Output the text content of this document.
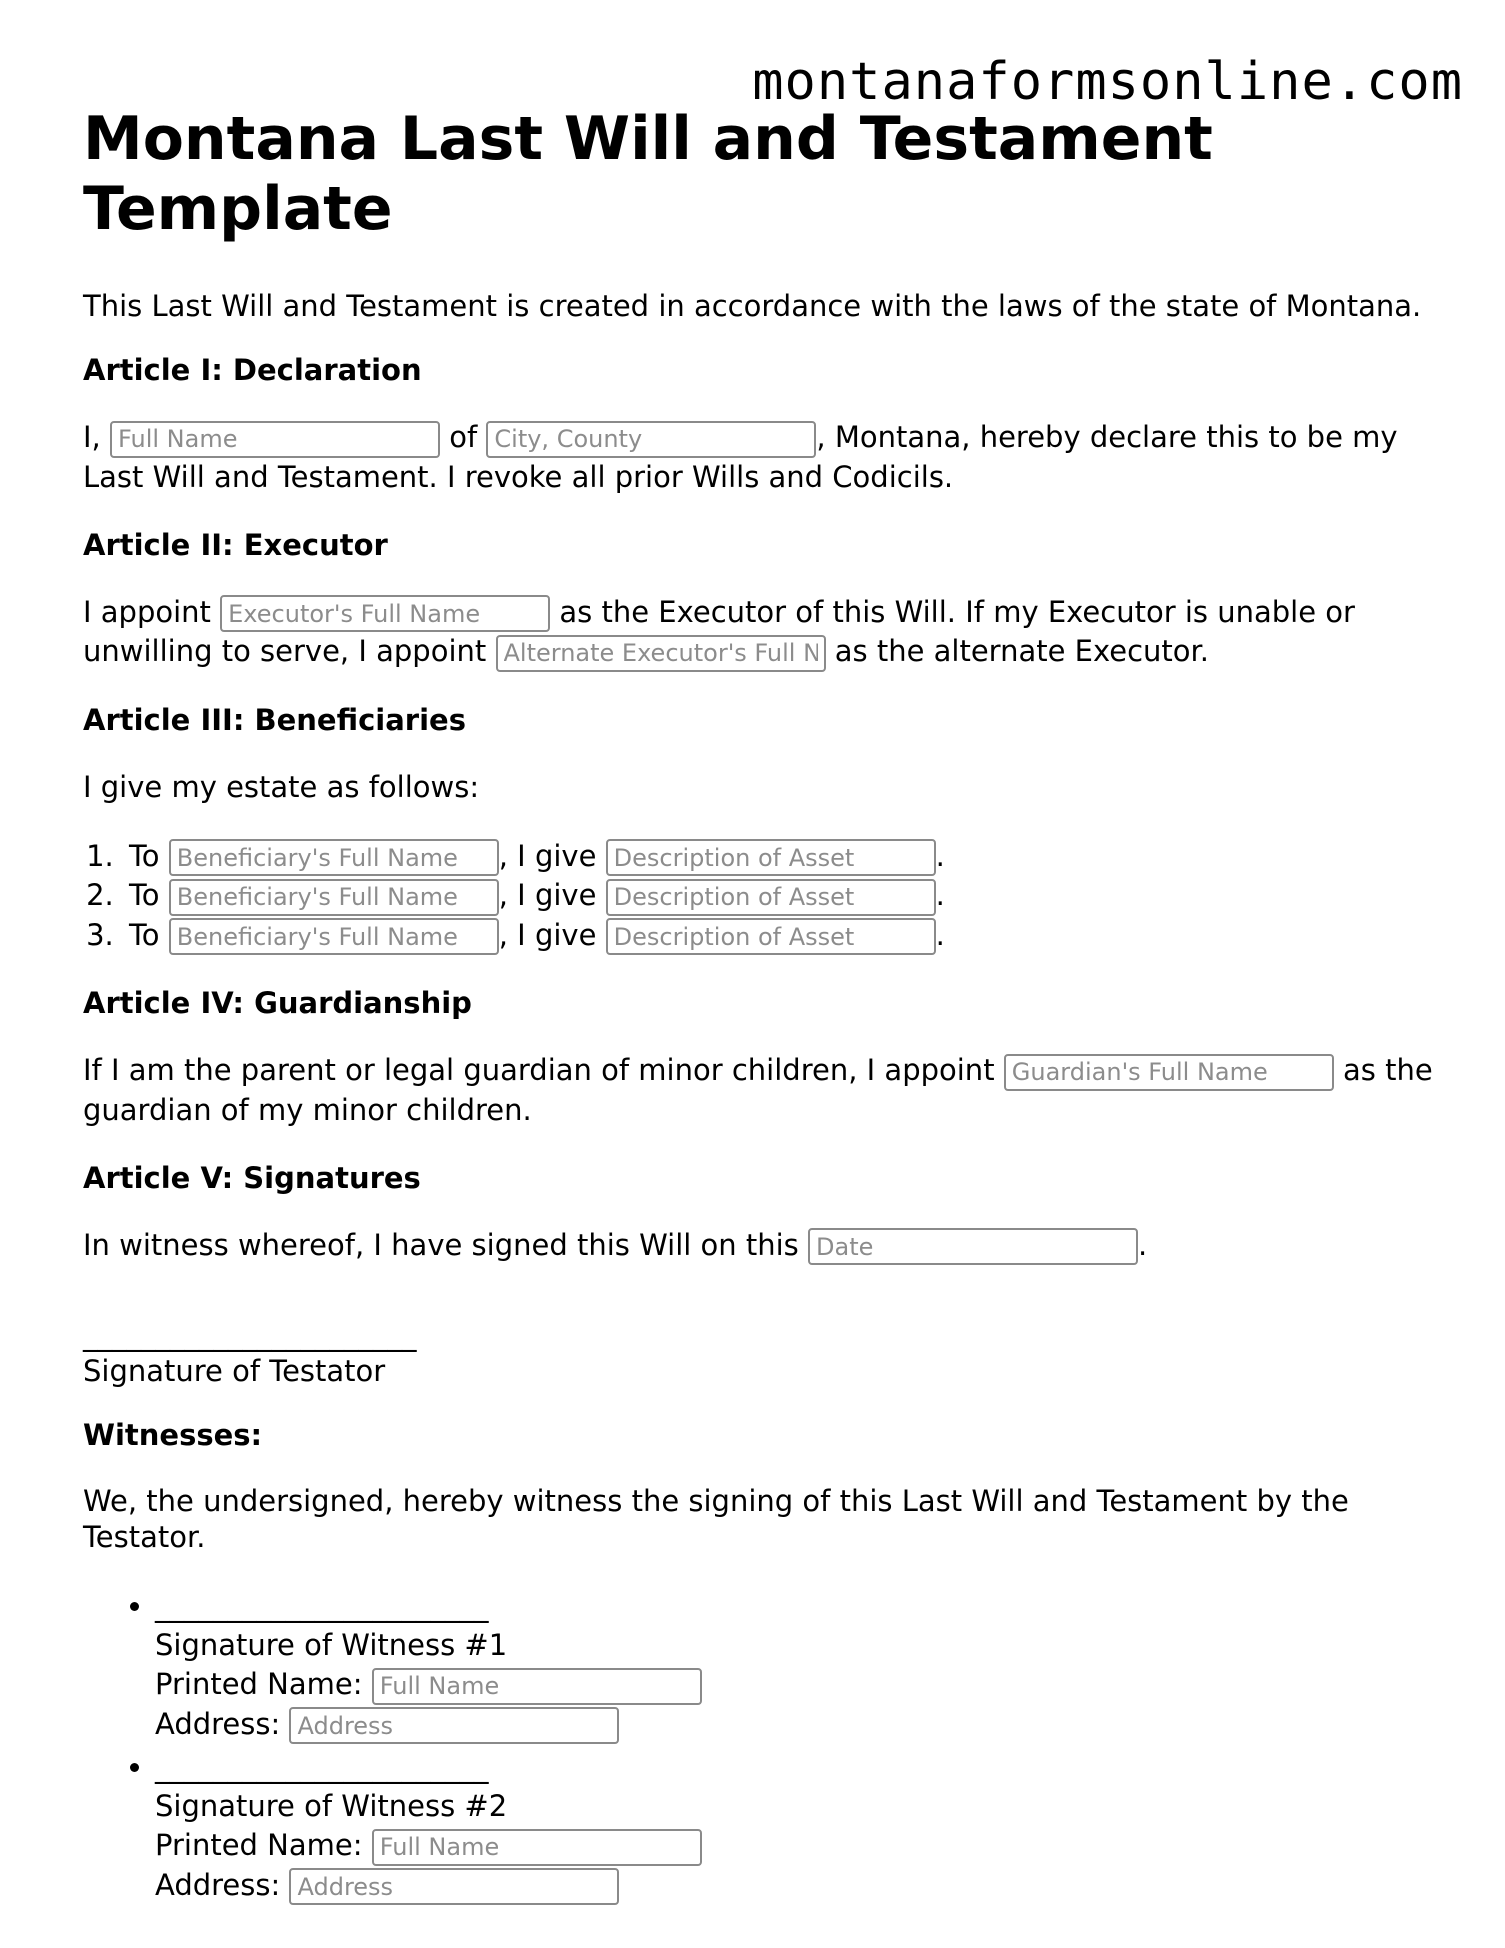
montanaformsonline.com
Montana Last Will and Testament Template
This Last Will and Testament is created in accordance with the laws of the state of Montana.
Article I: Declaration

I, Full Name	of City, County	, Montana, hereby declare this to be my Last Will and Testament. I revoke all prior Wills and Codicils.

Article II: Executor

I appoint Executor's Full Name	as the Executor of this Will. If my Executor is unable or unwilling to serve, I appoint Alternate Executor's Full N	as the alternate Executor.

Article III: Beneficiaries

I give my estate as follows:

1. To Beneficiary's Full Name	, I give Description of Asset	.
2. To Beneficiary's Full Name	, I give Description of Asset	.
3. To Beneficiary's Full Name	, I give Description of Asset	.
Article IV: Guardianship

If I am the parent or legal guardian of minor children, I appoint Guardian's Full Name	as the guardian of my minor children.

Article V: Signatures

In witness whereof, I have signed this Will on this Date	.

_______________________
Signature of Testator
Witnesses:
We, the undersigned, hereby witness the signing of this Last Will and Testament by the Testator.
• _______________________
Signature of Witness #1
Printed Name: Full Name
Address: Address
• _______________________
Signature of Witness #2
Printed Name: Full Name
Address: Address
